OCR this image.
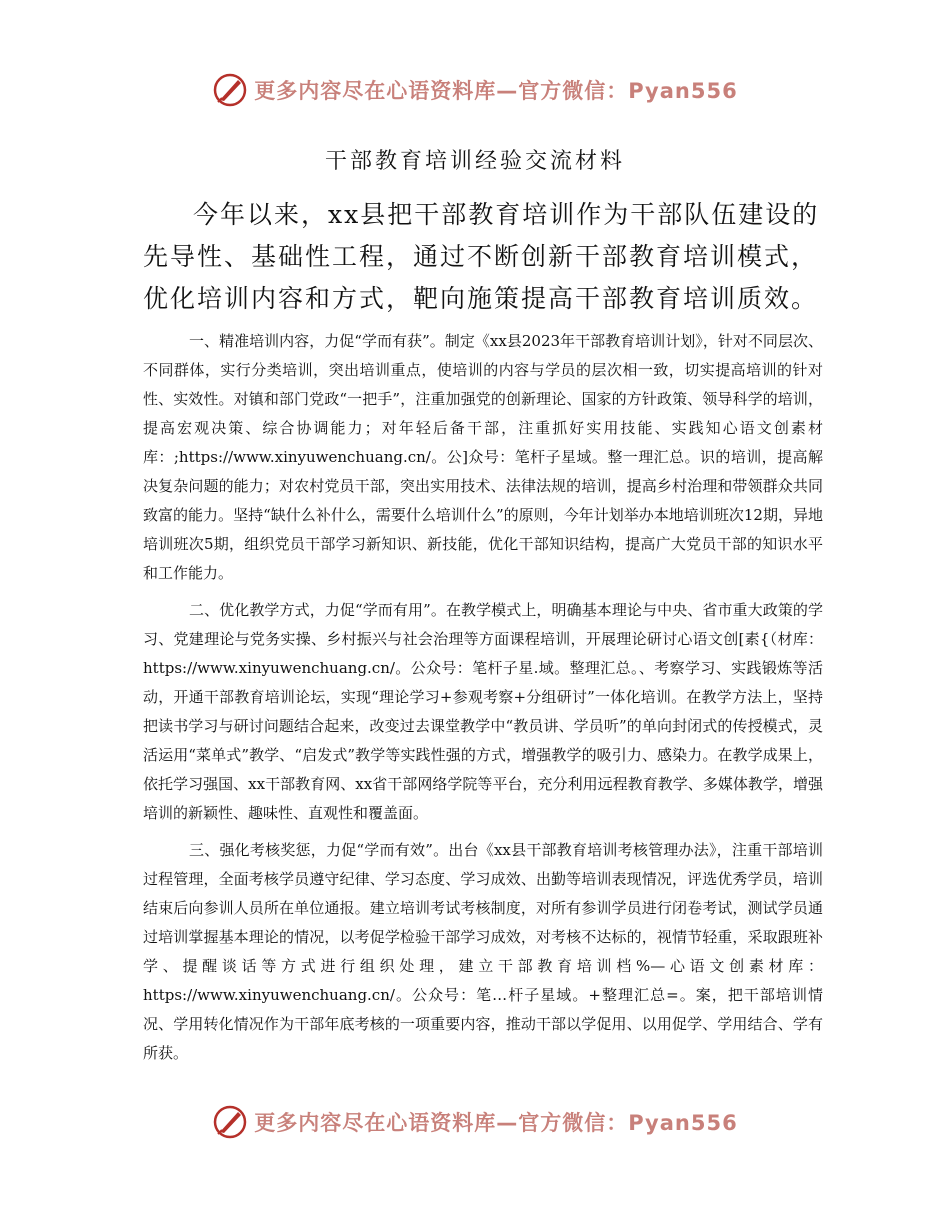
更多内容尽在心语资料库—官方微信：Pyan556
干部教育培训经验交流材料

今年以来，xx县把干部教育培训作为干部队伍建设的先导性、基础性工程，通过不断创新干部教育培训模式，优化培训内容和方式，靶向施策提高干部教育培训质效。

一、精准培训内容，力促“学而有获”。制定《xx县2023年干部教育培训计划》，针对不同层次、不同群体，实行分类培训，突出培训重点，使培训的内容与学员的层次相一致，切实提高培训的针对性、实效性。对镇和部门党政“一把手”，注重加强党的创新理论、国家的方针政策、领导科学的培训，提高宏观决策、综合协调能力；对年轻后备干部，注重抓好实用技能、实践知心语文创素材库：;https://www.xinyuwenchuang.cn/。公]众号：笔杆子星域。整一理汇总。识的培训，提高解决复杂问题的能力；对农村党员干部，突出实用技术、法律法规的培训，提高乡村治理和带领群众共同致富的能力。坚持“缺什么补什么，需要什么培训什么”的原则，今年计划举办本地培训班次12期，异地培训班次5期，组织党员干部学习新知识、新技能，优化干部知识结构，提高广大党员干部的知识水平和工作能力。

二、优化教学方式，力促“学而有用”。在教学模式上，明确基本理论与中央、省市重大政策的学习、党建理论与党务实操、乡村振兴与社会治理等方面课程培训，开展理论研讨心语文创[素{（材库：https://www.xinyuwenchuang.cn/。公众号：笔杆子星.域。整理汇总。、考察学习、实践锻炼等活动，开通干部教育培训论坛，实现“理论学习+参观考察+分组研讨”一体化培训。在教学方法上，坚持把读书学习与研讨问题结合起来，改变过去课堂教学中“教员讲、学员听”的单向封闭式的传授模式，灵活运用“菜单式”教学、“启发式”教学等实践性强的方式，增强教学的吸引力、感染力。在教学成果上，依托学习强国、xx干部教育网、xx省干部网络学院等平台，充分利用远程教育教学、多媒体教学，增强培训的新颖性、趣味性、直观性和覆盖面。

三、强化考核奖惩，力促“学而有效”。出台《xx县干部教育培训考核管理办法》，注重干部培训过程管理，全面考核学员遵守纪律、学习态度、学习成效、出勤等培训表现情况，评选优秀学员，培训结束后向参训人员所在单位通报。建立培训考试考核制度，对所有参训学员进行闭卷考试，测试学员通过培训掌握基本理论的情况，以考促学检验干部学习成效，对考核不达标的，视情节轻重，采取跟班补学、提醒谈话等方式进行组织处理，建立干部教育培训档%—心语文创素材库：https://www.xinyuwenchuang.cn/。公众号：笔…杆子星域。+整理汇总=。案，把干部培训情况、学用转化情况作为干部年底考核的一项重要内容，推动干部以学促用、以用促学、学用结合、学有所获。

更多内容尽在心语资料库—官方微信：Pyan556
